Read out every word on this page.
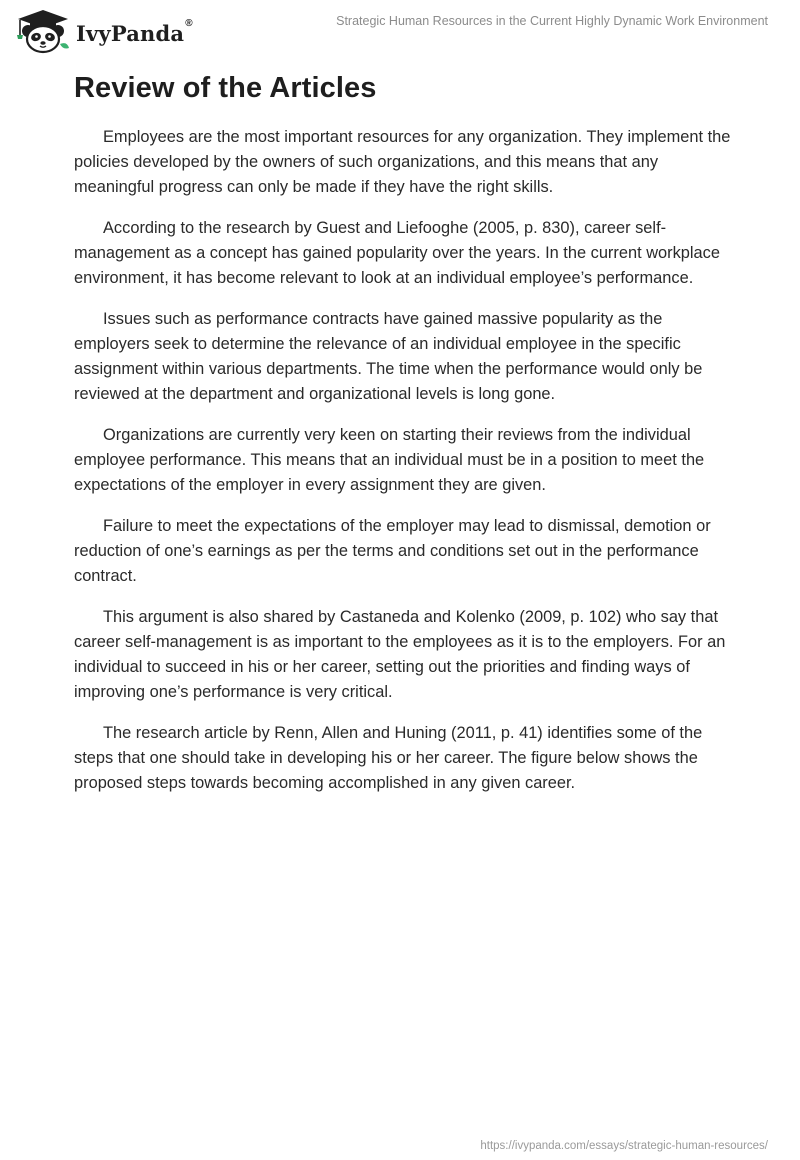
IvyPanda®	Strategic Human Resources in the Current Highly Dynamic Work Environment
Review of the Articles

Employees are the most important resources for any organization. They implement the policies developed by the owners of such organizations, and this means that any meaningful progress can only be made if they have the right skills.

According to the research by Guest and Liefooghe (2005, p. 830), career self-management as a concept has gained popularity over the years. In the current workplace environment, it has become relevant to look at an individual employee’s performance.

Issues such as performance contracts have gained massive popularity as the employers seek to determine the relevance of an individual employee in the specific assignment within various departments. The time when the performance would only be reviewed at the department and organizational levels is long gone.

Organizations are currently very keen on starting their reviews from the individual employee performance. This means that an individual must be in a position to meet the expectations of the employer in every assignment they are given.

Failure to meet the expectations of the employer may lead to dismissal, demotion or reduction of one’s earnings as per the terms and conditions set out in the performance contract.

This argument is also shared by Castaneda and Kolenko (2009, p. 102) who say that career self-management is as important to the employees as it is to the employers. For an individual to succeed in his or her career, setting out the priorities and finding ways of improving one’s performance is very critical.

The research article by Renn, Allen and Huning (2011, p. 41) identifies some of the steps that one should take in developing his or her career. The figure below shows the proposed steps towards becoming accomplished in any given career.

https://ivypanda.com/essays/strategic-human-resources/
